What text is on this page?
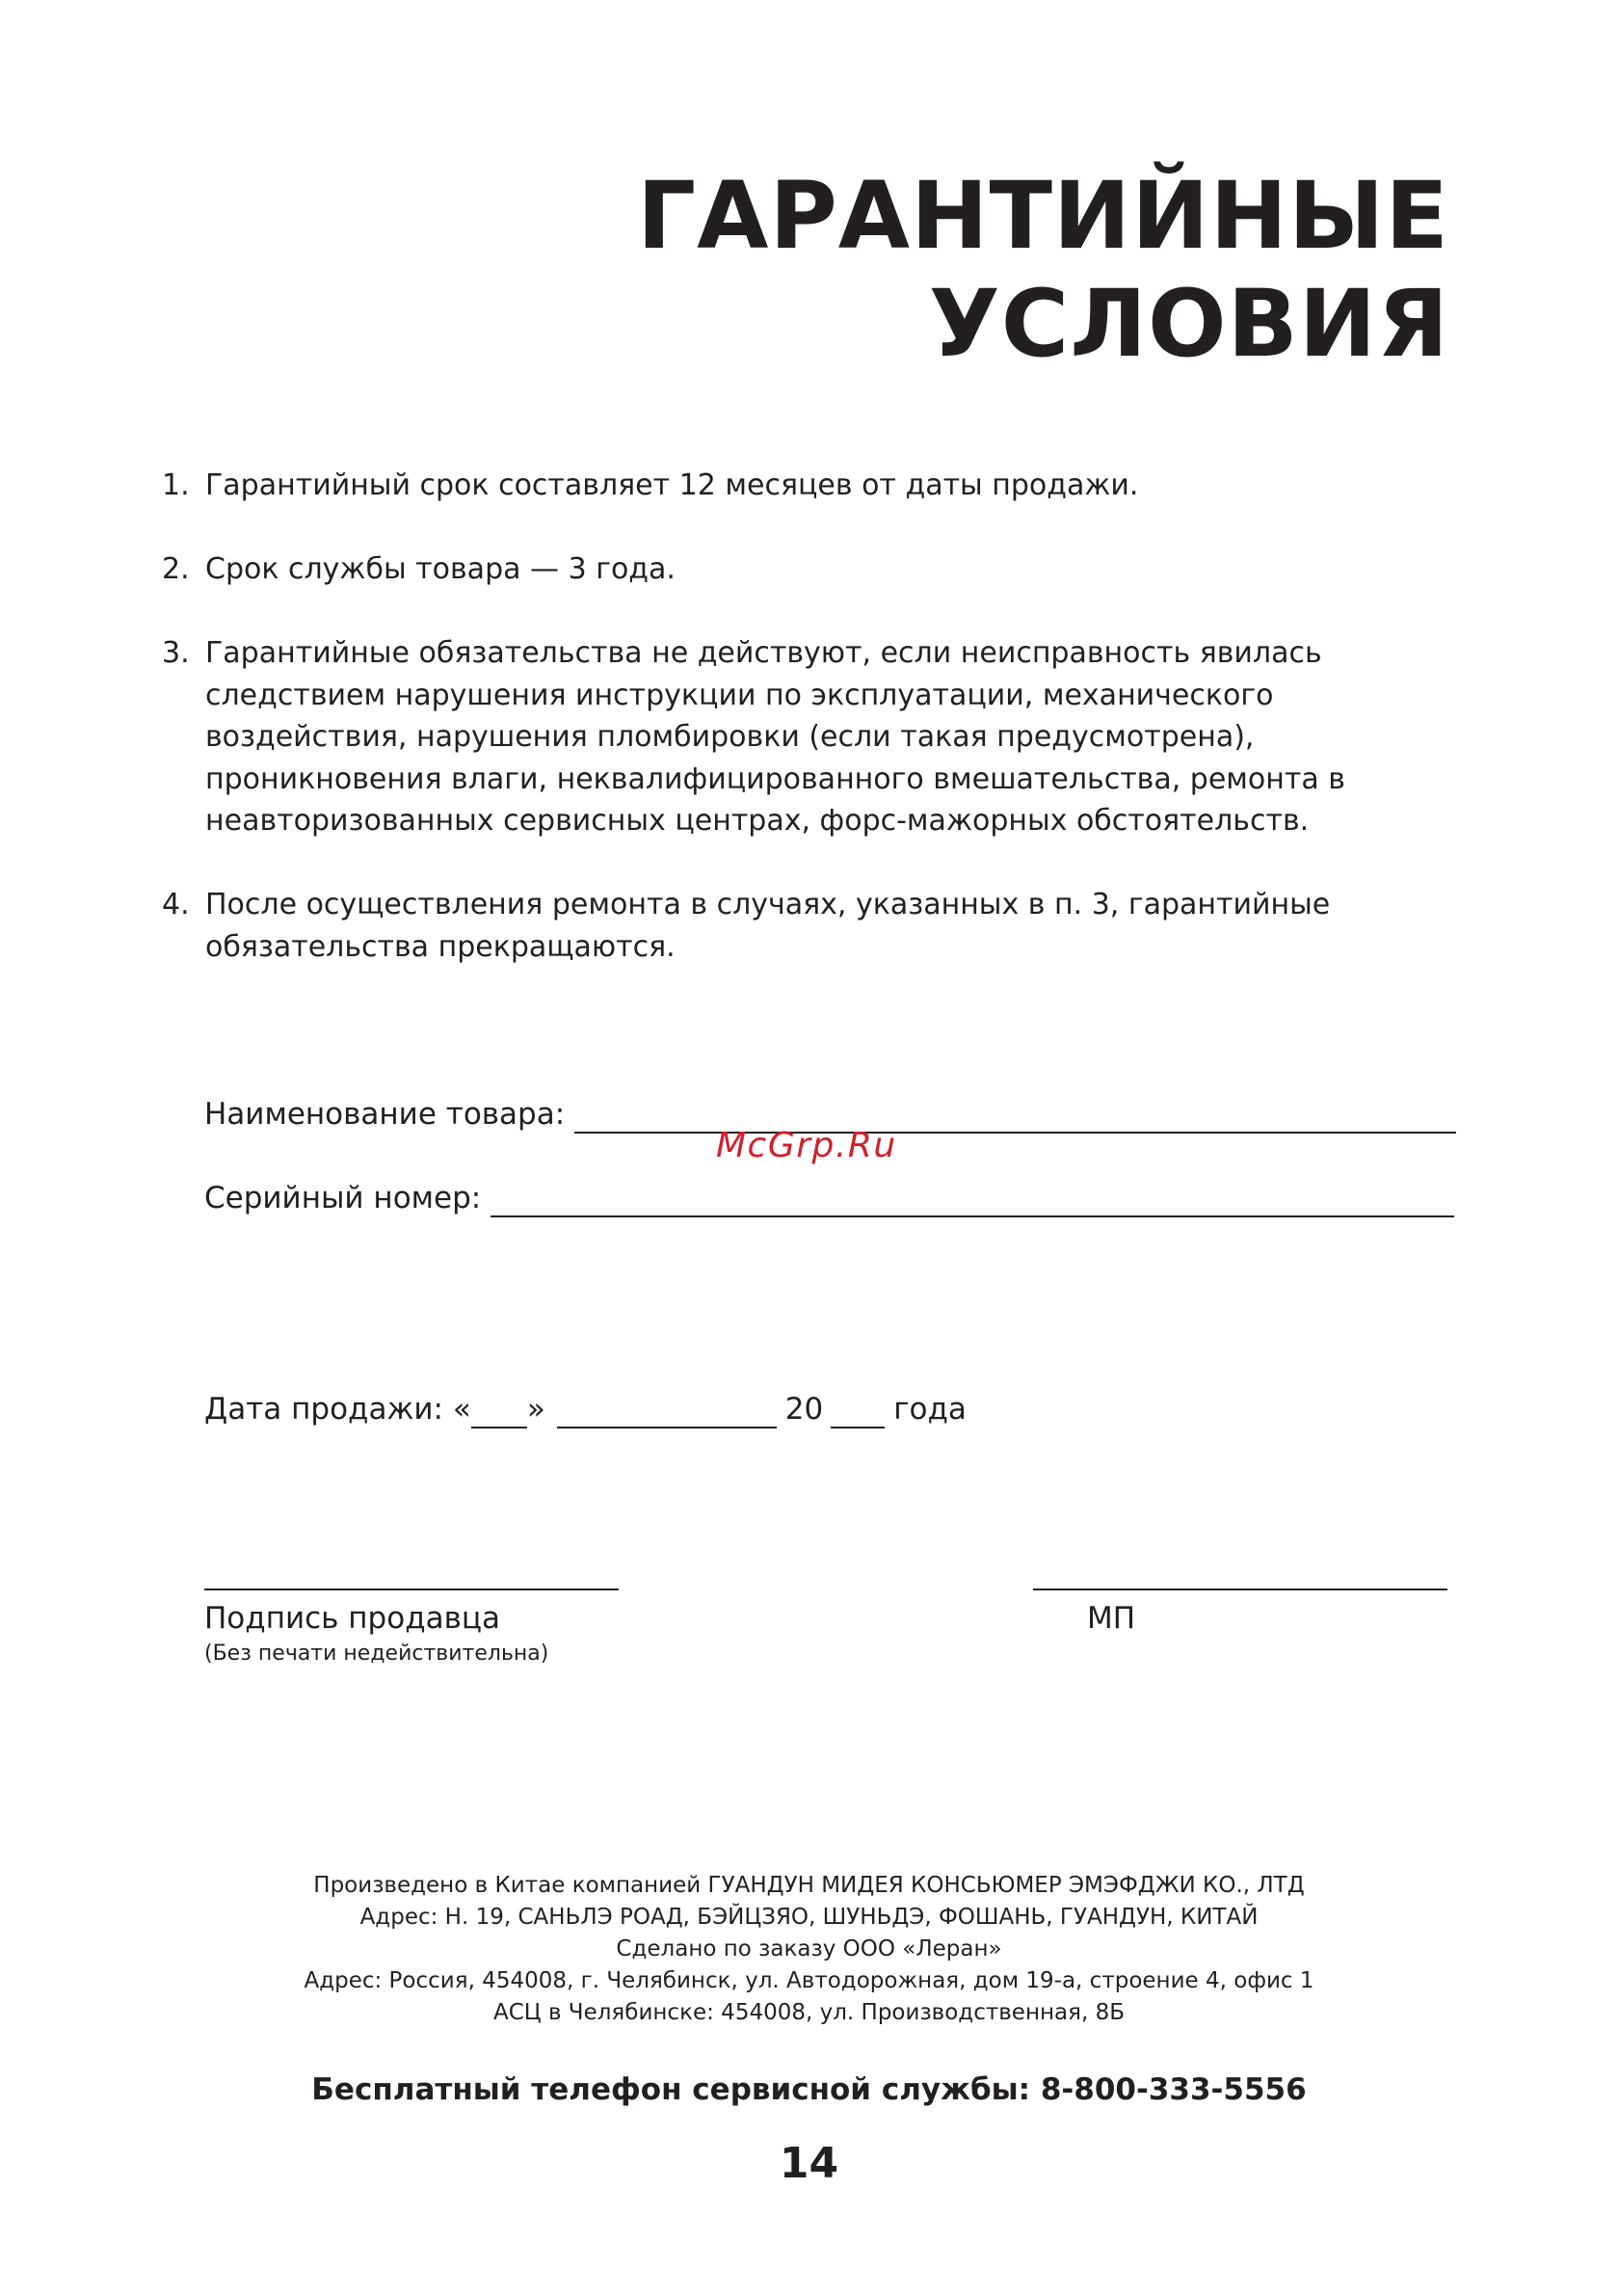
ГАРАНТИЙНЫЕ
УСЛОВИЯ
1. Гарантийный срок составляет 12 месяцев от даты продажи.
2. Срок службы товара — 3 года.
3. Гарантийные обязательства не действуют, если неисправность явилась следствием нарушения инструкции по эксплуатации, механического воздействия, нарушения пломбировки (если такая предусмотрена), проникновения влаги, неквалифицированного вмешательства, ремонта в неавторизованных сервисных центрах, форс-мажорных обстоятельств.
4. После осуществления ремонта в случаях, указанных в п. 3, гарантийные обязательства прекращаются.
Наименование товара:
McGrp.Ru
Серийный номер:
Дата продажи: « »	20 года
Подпись продавца
(Без печати недействительна)
МП
Произведено в Китае компанией ГУАНДУН МИДЕЯ КОНСЬЮМЕР ЭМЭФДЖИ КО., ЛТД
Адрес: Н. 19, САНЬЛЭ РОАД, БЭЙЦЗЯО, ШУНЬДЭ, ФОШАНЬ, ГУАНДУН, КИТАЙ
Сделано по заказу ООО «Леран»
Адрес: Россия, 454008, г. Челябинск, ул. Автодорожная, дом 19-а, строение 4, офис 1
АСЦ в Челябинске: 454008, ул. Производственная, 8Б
Бесплатный телефон сервисной службы: 8-800-333-5556
14
